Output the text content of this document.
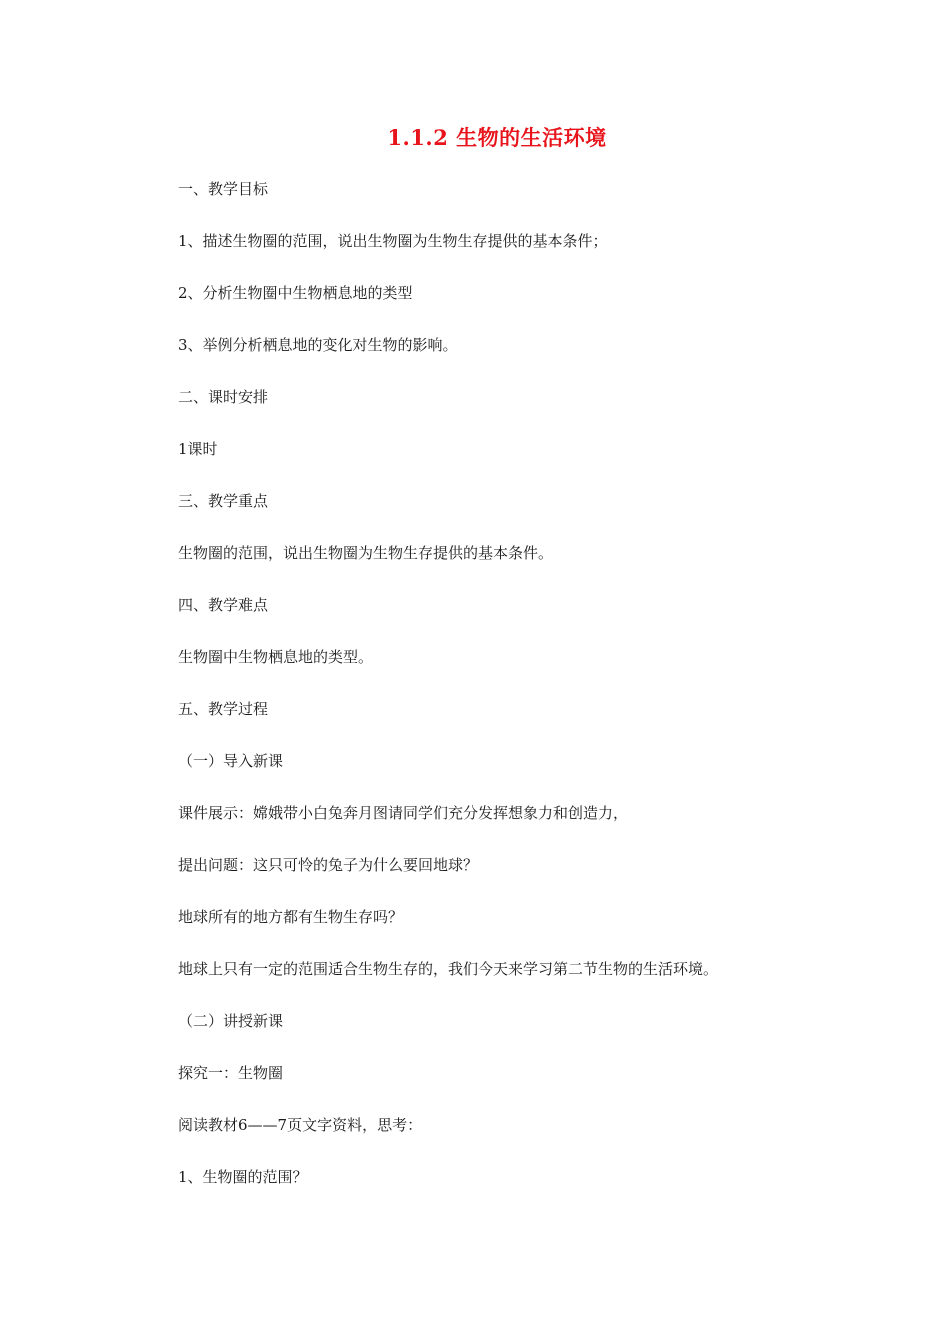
1.1.2 生物的生活环境
一、教学目标
1、描述生物圈的范围，说出生物圈为生物生存提供的基本条件；
2、分析生物圈中生物栖息地的类型
3、举例分析栖息地的变化对生物的影响。
二、课时安排
1课时
三、教学重点
生物圈的范围，说出生物圈为生物生存提供的基本条件。
四、教学难点
生物圈中生物栖息地的类型。
五、教学过程
（一）导入新课
课件展示：嫦娥带小白兔奔月图请同学们充分发挥想象力和创造力，
提出问题：这只可怜的兔子为什么要回地球？
地球所有的地方都有生物生存吗？
地球上只有一定的范围适合生物生存的，我们今天来学习第二节生物的生活环境。
（二）讲授新课
探究一：生物圈
阅读教材6——7页文字资料，思考：
1、生物圈的范围？
